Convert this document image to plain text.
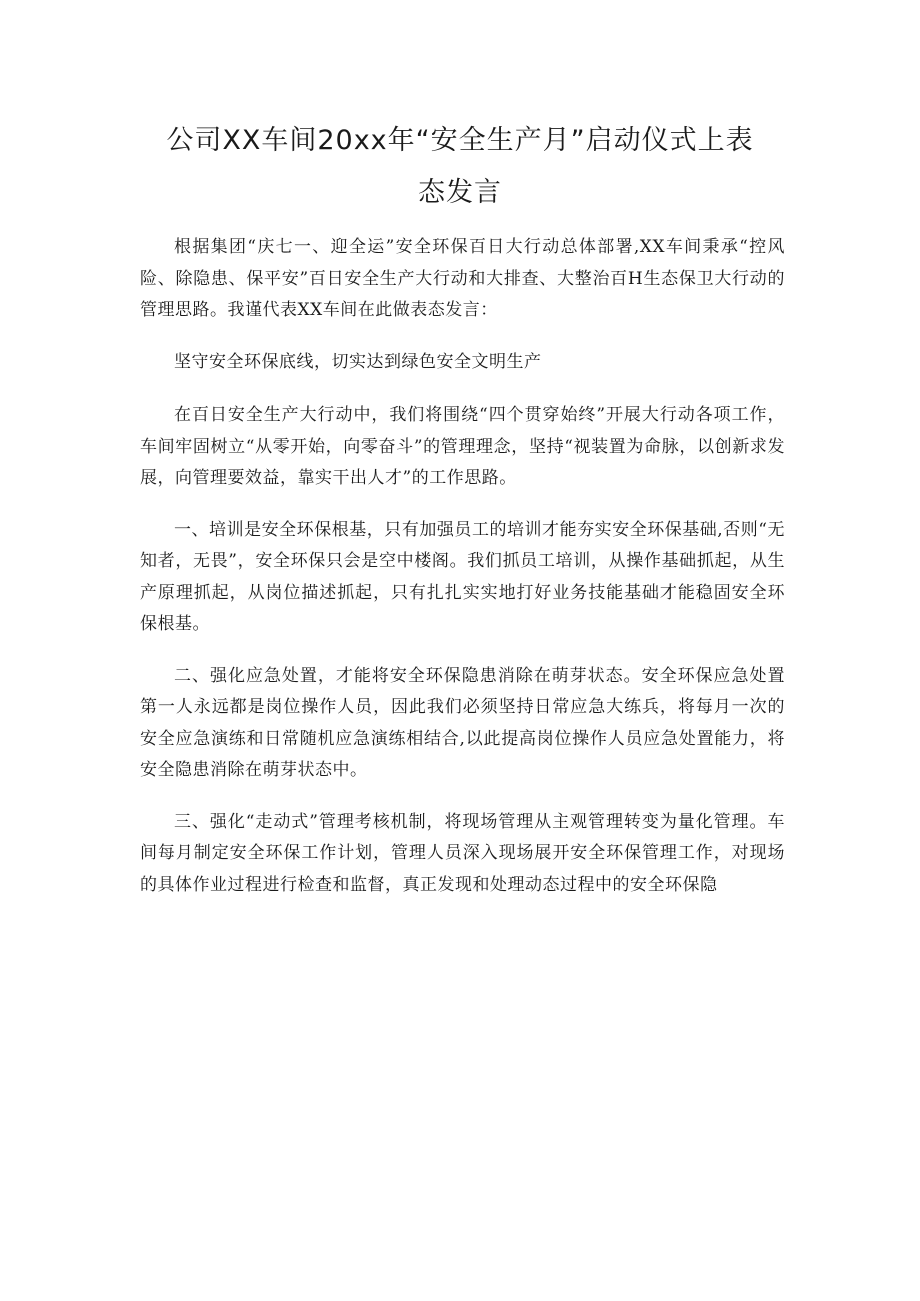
公司XX车间20xx年“安全生产月”启动仪式上表
态发言

根据集团“庆七一、迎全运”安全环保百日大行动总体部署,XX车间秉承“控风险、除隐患、保平安”百日安全生产大行动和大排查、大整治百H生态保卫大行动的管理思路。我谨代表XX车间在此做表态发言：

坚守安全环保底线，切实达到绿色安全文明生产

在百日安全生产大行动中，我们将围绕“四个贯穿始终”开展大行动各项工作，车间牢固树立“从零开始，向零奋斗”的管理理念，坚持“视装置为命脉，以创新求发展，向管理要效益，靠实干出人才”的工作思路。

一、培训是安全环保根基，只有加强员工的培训才能夯实安全环保基础,否则“无知者，无畏”，安全环保只会是空中楼阁。我们抓员工培训，从操作基础抓起，从生产原理抓起，从岗位描述抓起，只有扎扎实实地打好业务技能基础才能稳固安全环保根基。

二、强化应急处置，才能将安全环保隐患消除在萌芽状态。安全环保应急处置第一人永远都是岗位操作人员，因此我们必须坚持日常应急大练兵，将每月一次的安全应急演练和日常随机应急演练相结合,以此提高岗位操作人员应急处置能力，将安全隐患消除在萌芽状态中。

三、强化“走动式”管理考核机制，将现场管理从主观管理转变为量化管理。车间每月制定安全环保工作计划，管理人员深入现场展开安全环保管理工作，对现场的具体作业过程进行检查和监督，真正发现和处理动态过程中的安全环保隐
